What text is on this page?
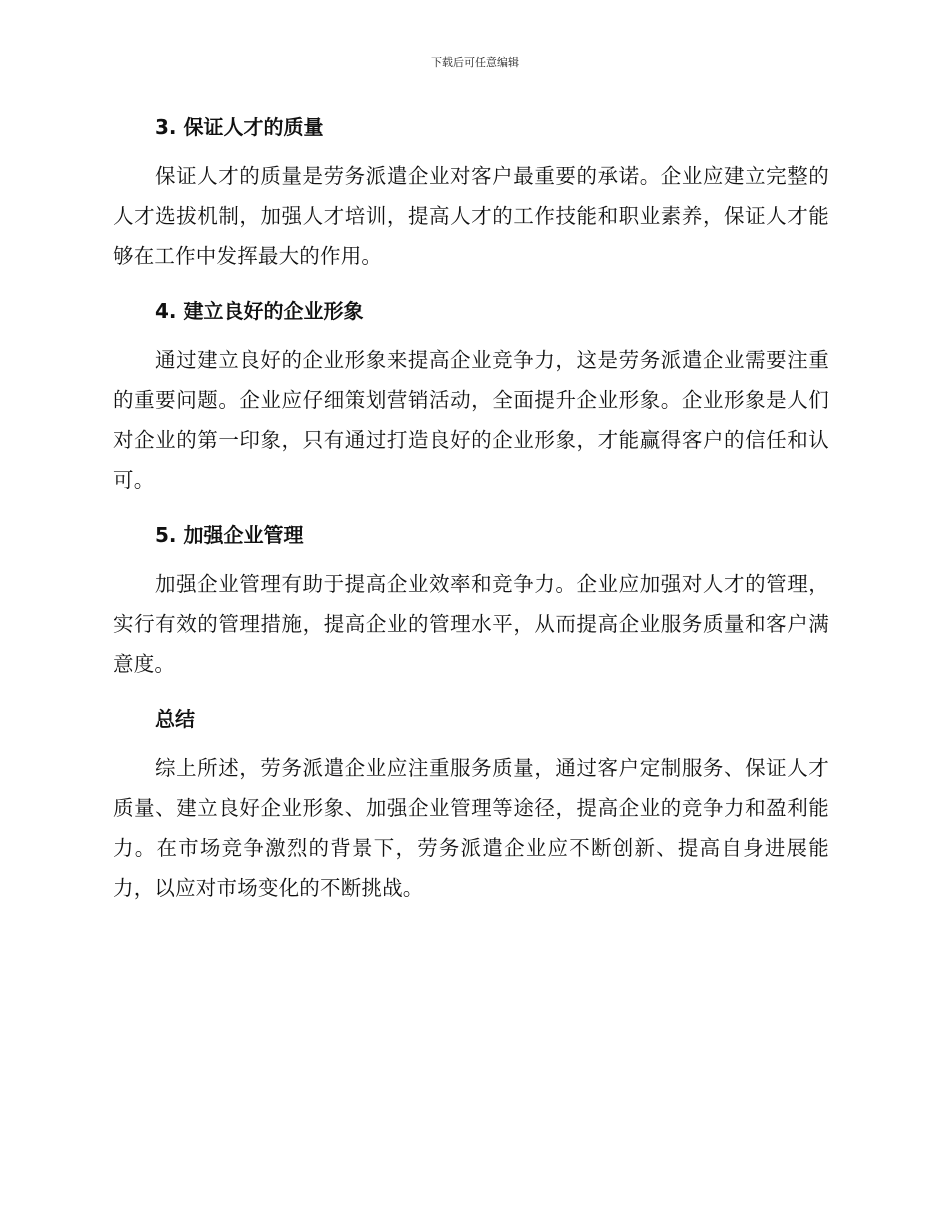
下载后可任意编辑
3. 保证人才的质量

保证人才的质量是劳务派遣企业对客户最重要的承诺。企业应建立完整的人才选拔机制，加强人才培训，提高人才的工作技能和职业素养，保证人才能够在工作中发挥最大的作用。

4. 建立良好的企业形象

通过建立良好的企业形象来提高企业竞争力，这是劳务派遣企业需要注重的重要问题。企业应仔细策划营销活动，全面提升企业形象。企业形象是人们对企业的第一印象，只有通过打造良好的企业形象，才能赢得客户的信任和认可。

5. 加强企业管理

加强企业管理有助于提高企业效率和竞争力。企业应加强对人才的管理，实行有效的管理措施，提高企业的管理水平，从而提高企业服务质量和客户满意度。

总结

综上所述，劳务派遣企业应注重服务质量，通过客户定制服务、保证人才质量、建立良好企业形象、加强企业管理等途径，提高企业的竞争力和盈利能力。在市场竞争激烈的背景下，劳务派遣企业应不断创新、提高自身进展能力，以应对市场变化的不断挑战。
